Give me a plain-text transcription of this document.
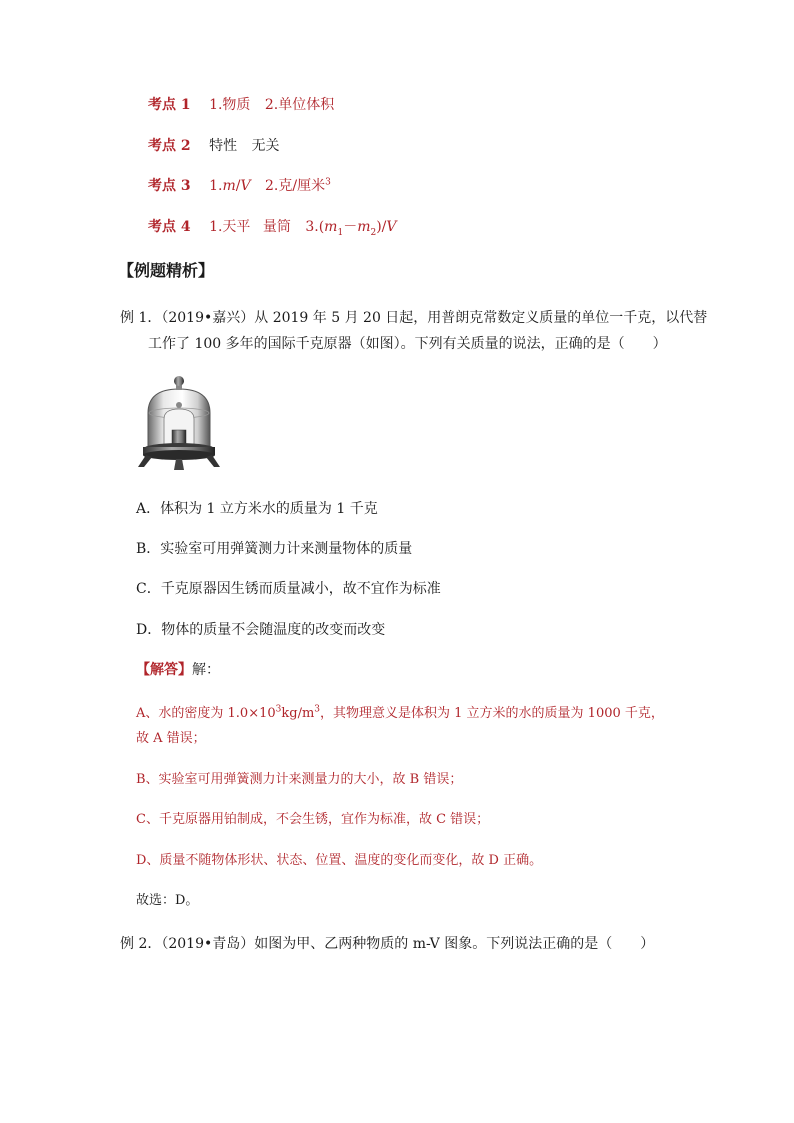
考点 1 1.物质 2.单位体积
考点 2 特性 无关
考点 3 1.m/V 2.克/厘米$^3$
考点 4 1.天平 量筒 $3.(m_1-m_2)/V$
【例题精析】
例 1．（2019•嘉兴）从 2019 年 5 月 20 日起，用普朗克常数定义质量的单位一千克，以代替
工作了 100 多年的国际千克原器（如图）。下列有关质量的说法，正确的是（　　）
A．体积为 1 立方米水的质量为 1 千克
B．实验室可用弹簧测力计来测量物体的质量
C．千克原器因生锈而质量减小，故不宜作为标准
D．物体的质量不会随温度的改变而改变
【解答】解：
A、水的密度为 $1.0\times 10^3kg/m^3$，其物理意义是体积为 1 立方米的水的质量为 1000 千克，
故 A 错误；
B、实验室可用弹簧测力计来测量力的大小，故 B 错误；
C、千克原器用铂制成，不会生锈，宜作为标准，故 C 错误；
D、质量不随物体形状、状态、位置、温度的变化而变化，故 D 正确。
故选：D。
例 2．（2019•青岛）如图为甲、乙两种物质的 m-V 图象。下列说法正确的是（　　）
